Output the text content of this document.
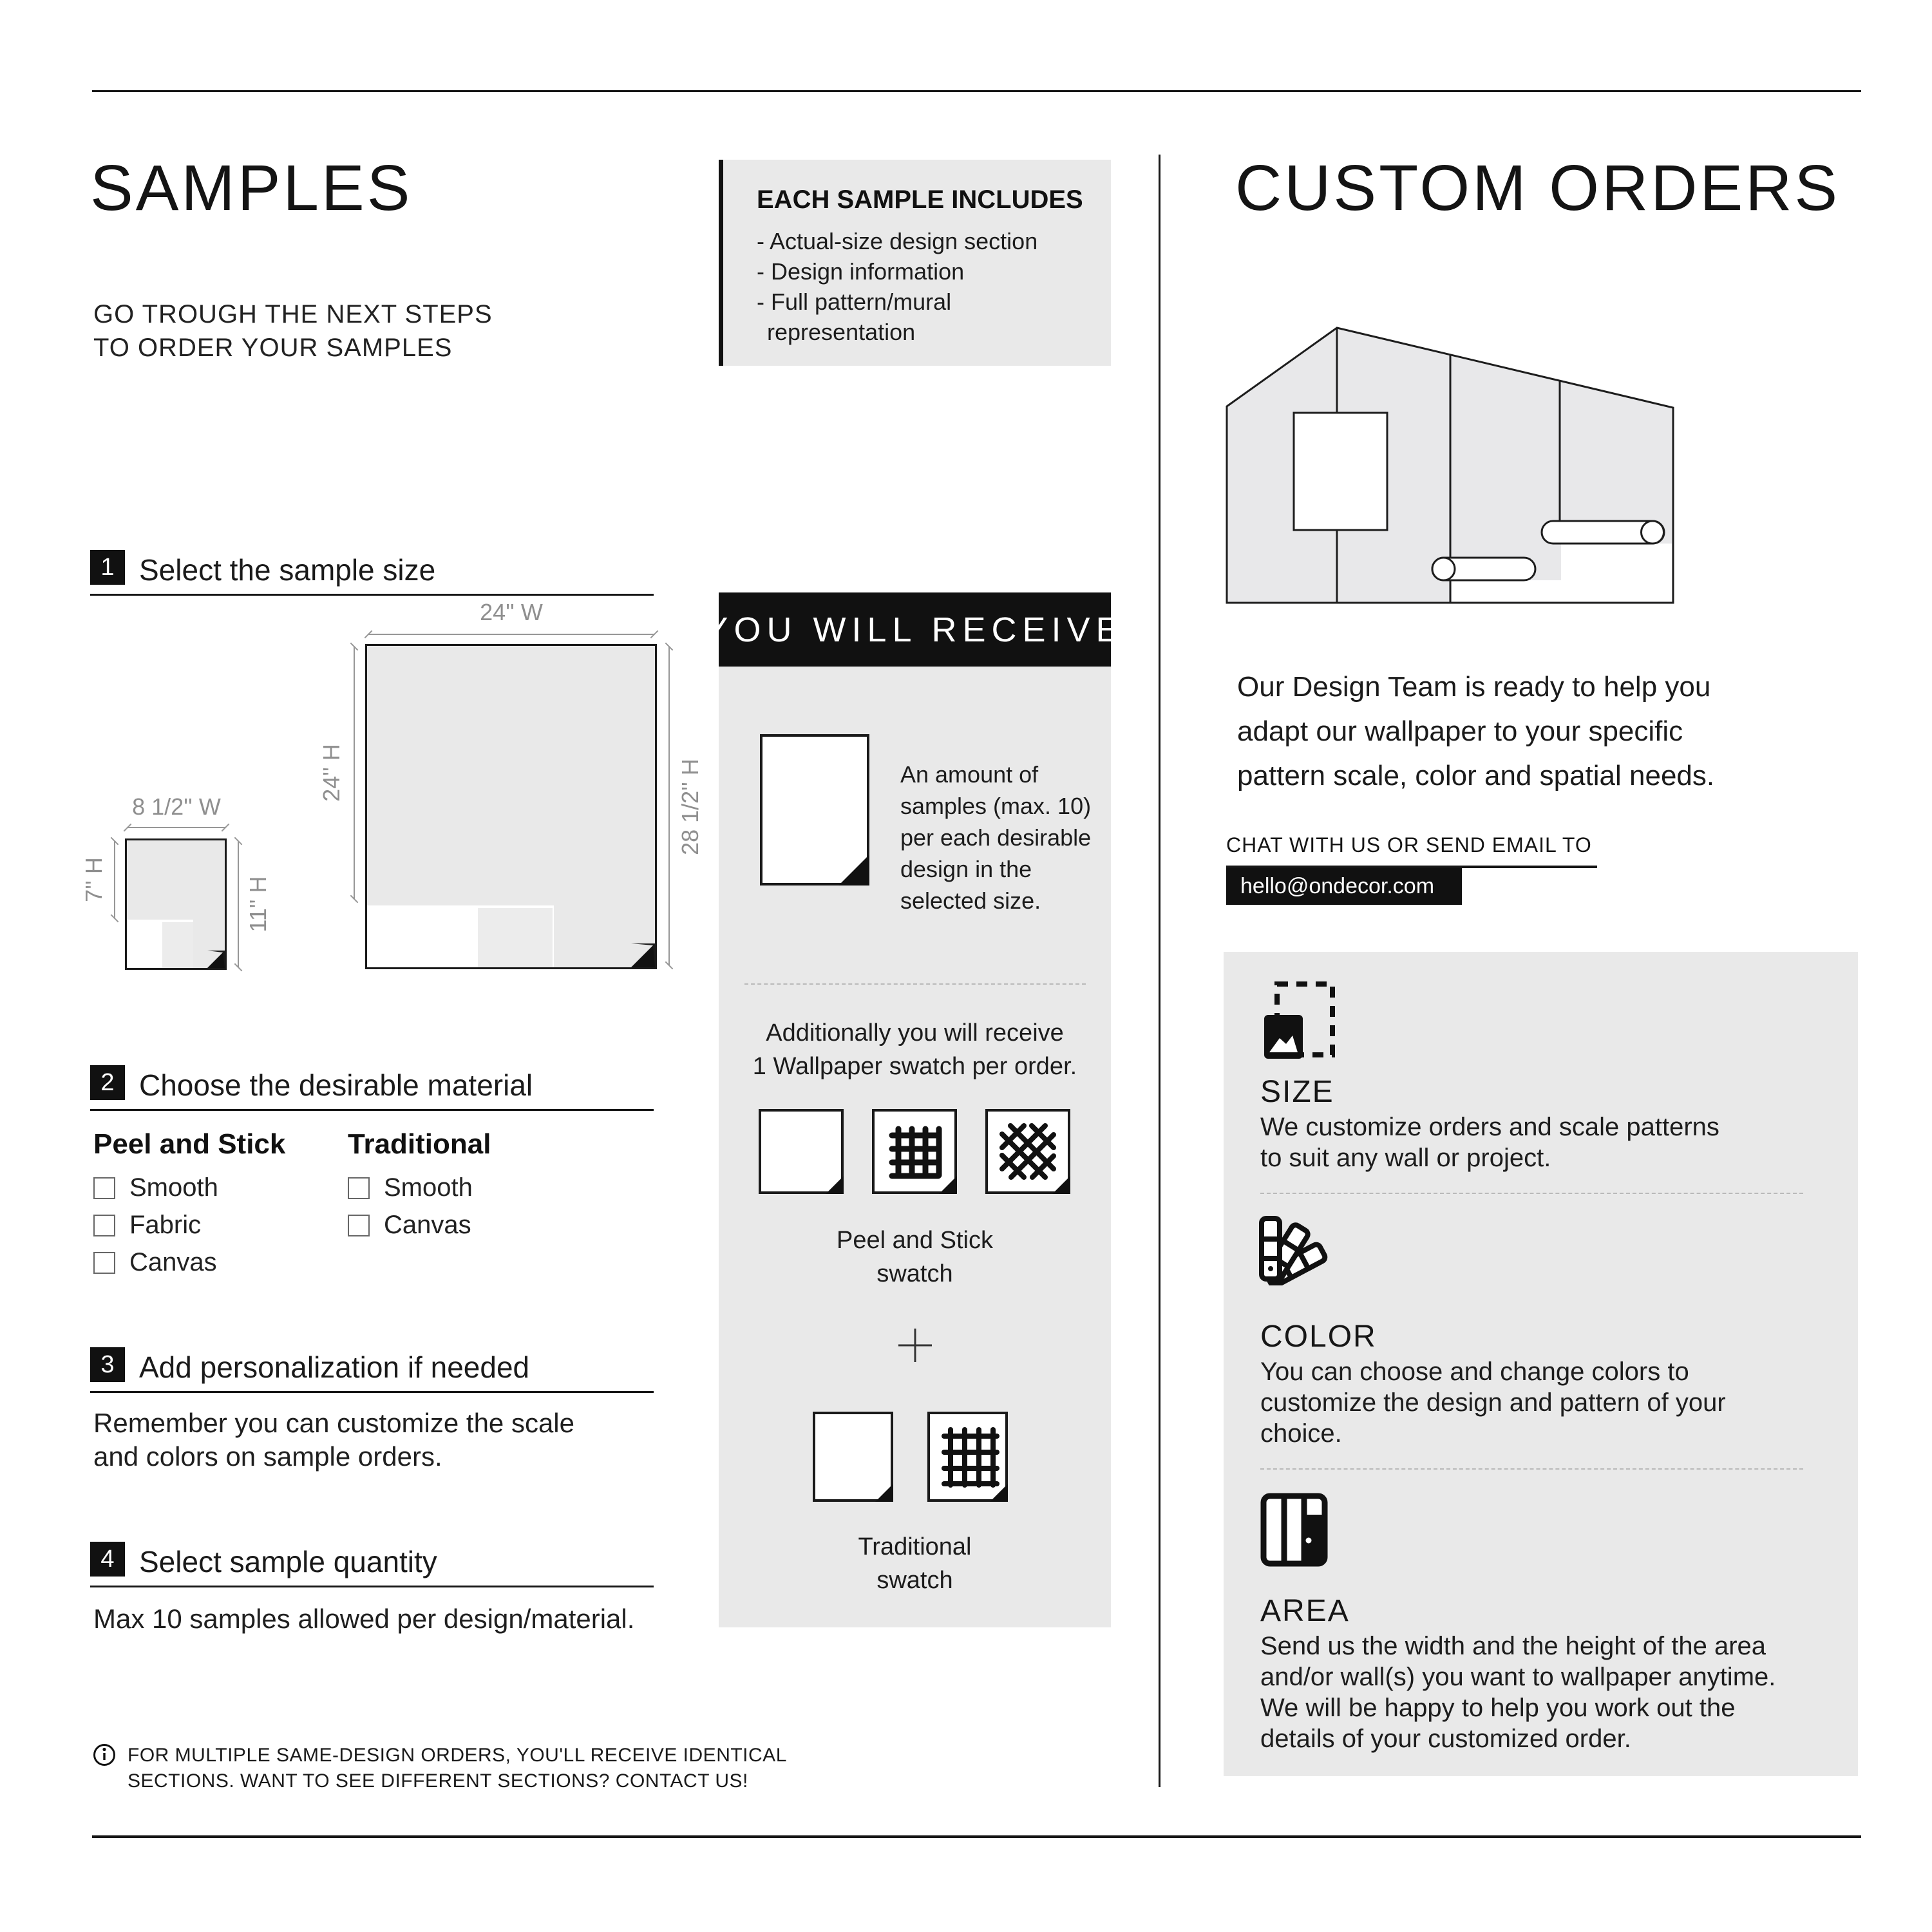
SAMPLES
GO TROUGH THE NEXT STEPS
TO ORDER YOUR SAMPLES
1 Select the sample size
24'' W
24'' H	28 1/2'' H
8 1/2'' W
7'' H	11'' H
2 Choose the desirable material
Peel and Stick Traditional
Smooth
Fabric
Canvas
Smooth
Canvas
3 Add personalization if needed
Remember you can customize the scale
and colors on sample orders.
4 Select sample quantity
Max 10 samples allowed per design/material.
FOR MULTIPLE SAME-DESIGN ORDERS, YOU'LL RECEIVE IDENTICAL
SECTIONS. WANT TO SEE DIFFERENT SECTIONS? CONTACT US!
EACH SAMPLE INCLUDES
- Actual-size design section
- Design information
- Full pattern/mural
representation
YOU WILL RECEIVE
An amount of
samples (max. 10)
per each desirable
design in the
selected size.
Additionally you will receive
1 Wallpaper swatch per order.
Peel and Stick
swatch
Traditional
swatch
CUSTOM ORDERS
Our Design Team is ready to help you
adapt our wallpaper to your specific
pattern scale, color and spatial needs.
CHAT WITH US OR SEND EMAIL TO
hello@ondecor.com
SIZE
We customize orders and scale patterns
to suit any wall or project.
COLOR
You can choose and change colors to
customize the design and pattern of your
choice.
AREA
Send us the width and the height of the area
and/or wall(s) you want to wallpaper anytime.
We will be happy to help you work out the
details of your customized order.
